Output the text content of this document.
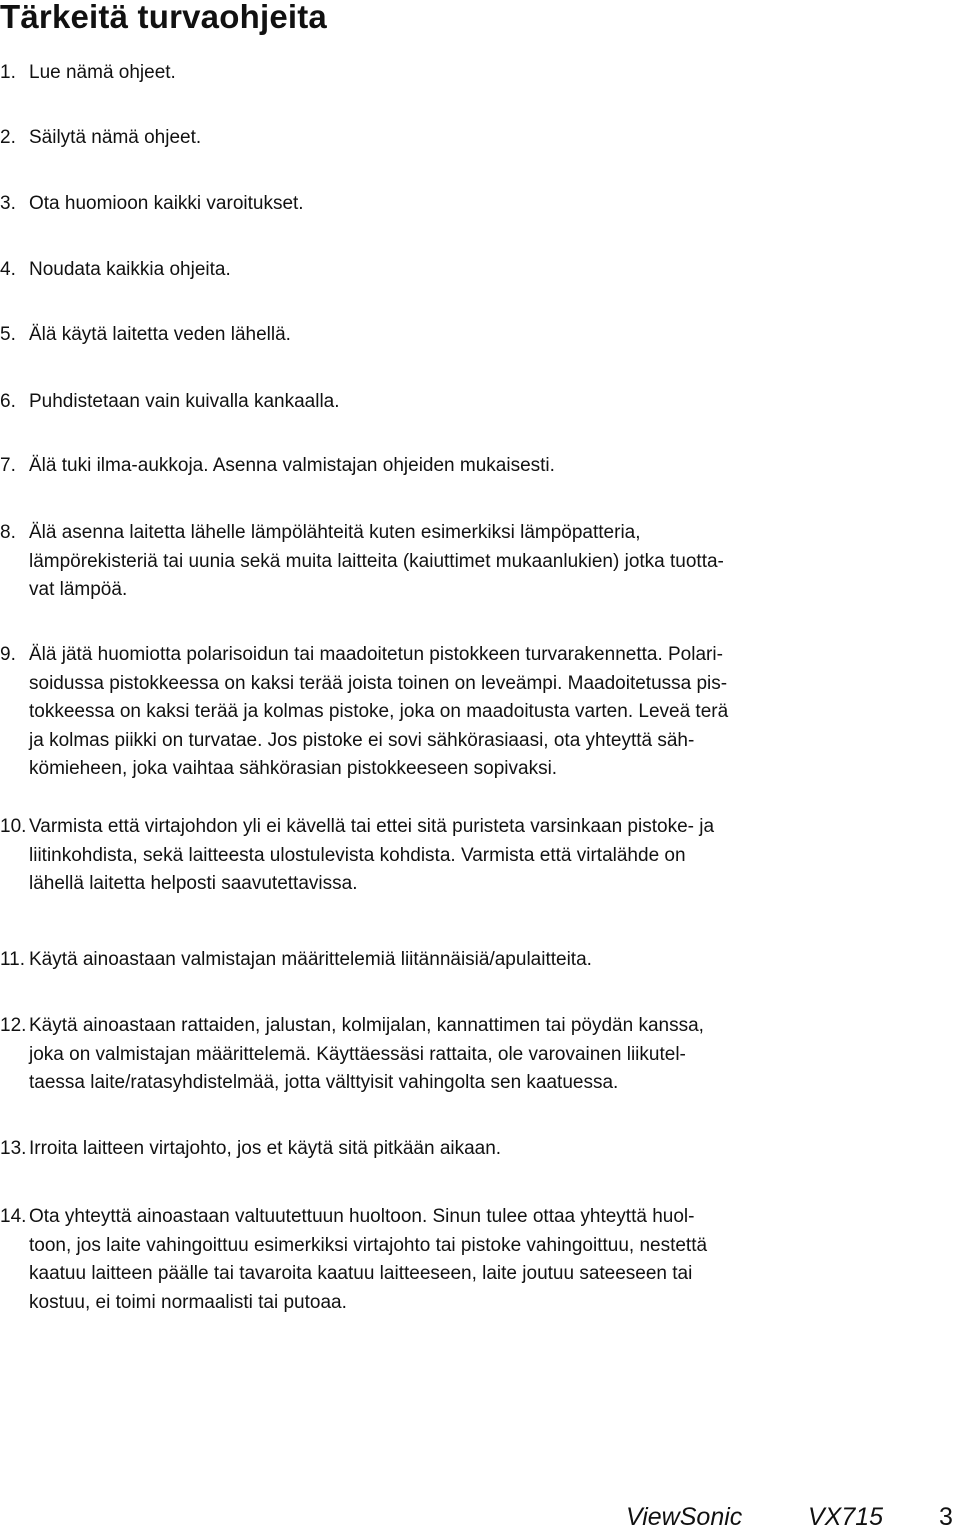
Tärkeitä turvaohjeita
1. Lue nämä ohjeet.
2. Säilytä nämä ohjeet.
3. Ota huomioon kaikki varoitukset.
4. Noudata kaikkia ohjeita.
5. Älä käytä laitetta veden lähellä.
6. Puhdistetaan vain kuivalla kankaalla.
7. Älä tuki ilma-aukkoja. Asenna valmistajan ohjeiden mukaisesti.
8. Älä asenna laitetta lähelle lämpölähteitä kuten esimerkiksi lämpöpatteria,
lämpörekisteriä tai uunia sekä muita laitteita (kaiuttimet mukaanlukien) jotka tuotta-
vat lämpöä.
9. Älä jätä huomiotta polarisoidun tai maadoitetun pistokkeen turvarakennetta. Polari-
soidussa pistokkeessa on kaksi terää joista toinen on leveämpi. Maadoitetussa pis-
tokkeessa on kaksi terää ja kolmas pistoke, joka on maadoitusta varten. Leveä terä
ja kolmas piikki on turvatae. Jos pistoke ei sovi sähkörasiaasi, ota yhteyttä säh-
kömieheen, joka vaihtaa sähkörasian pistokkeeseen sopivaksi.
10. Varmista että virtajohdon yli ei kävellä tai ettei sitä puristeta varsinkaan pistoke- ja
liitinkohdista, sekä laitteesta ulostulevista kohdista. Varmista että virtalähde on
lähellä laitetta helposti saavutettavissa.
11. Käytä ainoastaan valmistajan määrittelemiä liitännäisiä/apulaitteita.
12. Käytä ainoastaan rattaiden, jalustan, kolmijalan, kannattimen tai pöydän kanssa,
joka on valmistajan määrittelemä. Käyttäessäsi rattaita, ole varovainen liikutel-
taessa laite/ratasyhdistelmää, jotta välttyisit vahingolta sen kaatuessa.
13. Irroita laitteen virtajohto, jos et käytä sitä pitkään aikaan.
14. Ota yhteyttä ainoastaan valtuutettuun huoltoon. Sinun tulee ottaa yhteyttä huol-
toon, jos laite vahingoittuu esimerkiksi virtajohto tai pistoke vahingoittuu, nestettä
kaatuu laitteen päälle tai tavaroita kaatuu laitteeseen, laite joutuu sateeseen tai
kostuu, ei toimi normaalisti tai putoaa.
ViewSonic	VX715 3
